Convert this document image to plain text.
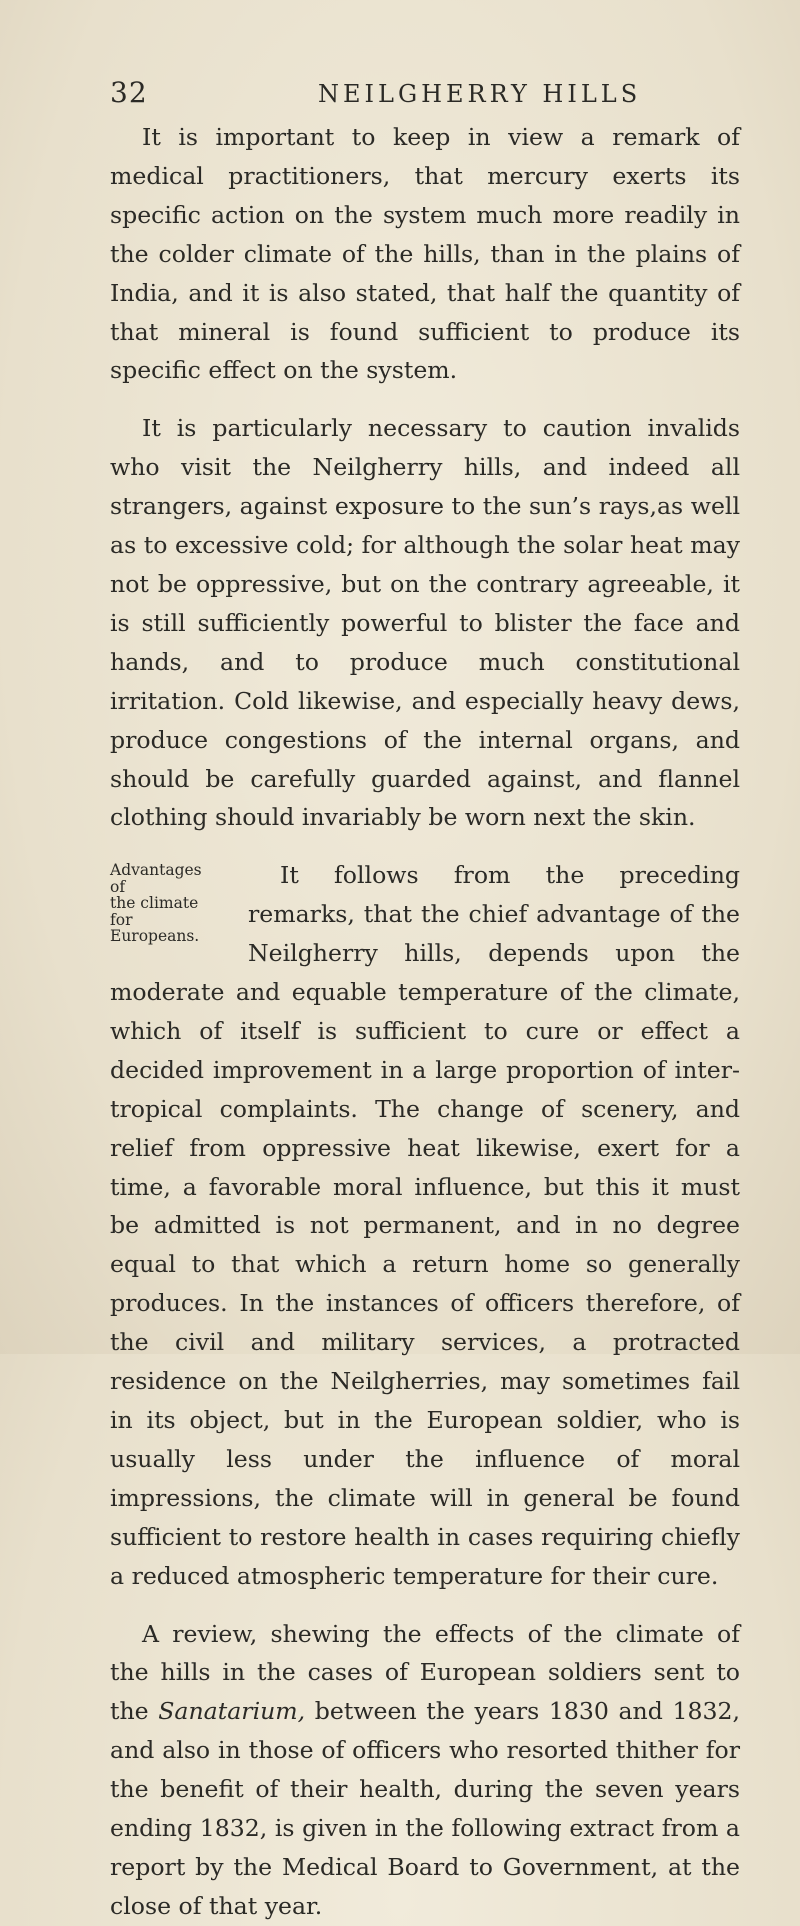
32	NEILGHERRY HILLS

It is important to keep in view a remark of medical practitioners, that mercury exerts its specific action on the system much more readily in the colder climate of the hills, than in the plains of India, and it is also stated, that half the quantity of that mineral is found sufficient to produce its specific effect on the system.

It is particularly necessary to caution invalids who visit the Neilgherry hills, and indeed all strangers, against exposure to the sun’s rays,as well as to excessive cold; for although the solar heat may not be oppressive, but on the contrary agreeable, it is still sufficiently powerful to blister the face and hands, and to produce much constitutional irritation. Cold likewise, and especially heavy dews, produce congestions of the internal organs, and should be carefully guarded against, and flannel clothing should invariably be worn next the skin.

Advantages of
the climate for
Europeans.
It follows from the preceding remarks, that the chief advantage of the Neilgherry hills, depends upon the moderate and equable temperature of the climate, which of itself is sufficient to cure or effect a decided improvement in a large proportion of inter-tropical complaints. The change of scenery, and relief from oppressive heat likewise, exert for a time, a favorable moral influence, but this it must be admitted is not permanent, and in no degree equal to that which a return home so generally produces. In the instances of officers therefore, of the civil and military services, a protracted residence on the Neilgherries, may sometimes fail in its object, but in the European soldier, who is usually less under the influence of moral impressions, the climate will in general be found sufficient to restore health in cases requiring chiefly a reduced atmospheric temperature for their cure.

A review, shewing the effects of the climate of the hills in the cases of European soldiers sent to the Sanatarium, between the years 1830 and 1832, and also in those of officers who resorted thither for the benefit of their health, during the seven years ending 1832, is given in the following extract from a report by the Medical Board to Government, at the close of that year.
